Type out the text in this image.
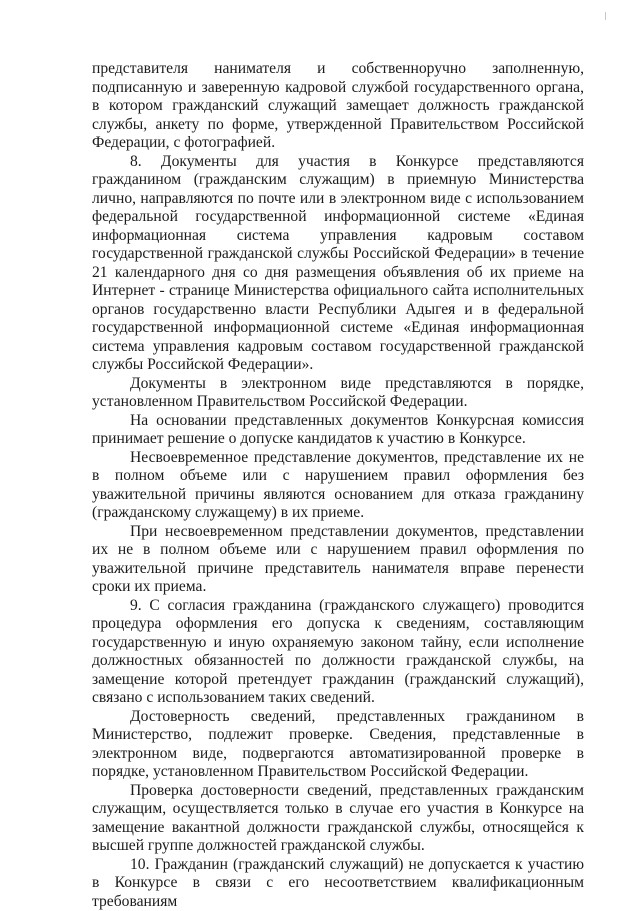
представителя нанимателя и собственноручно заполненную, подписанную и заверенную кадровой службой государственного органа, в котором гражданский служащий замещает должность гражданской службы, анкету по форме, утвержденной Правительством Российской Федерации, с фотографией.

8. Документы для участия в Конкурсе представляются гражданином (гражданским служащим) в приемную Министерства лично, направляются по почте или в электронном виде с использованием федеральной государственной информационной системе «Единая информационная система управления кадровым составом государственной гражданской службы Российской Федерации» в течение 21 календарного дня со дня размещения объявления об их приеме на Интернет - странице Министерства официального сайта исполнительных органов государственно власти Республики Адыгея и в федеральной государственной информационной системе «Единая информационная система управления кадровым составом государственной гражданской службы Российской Федерации».

Документы в электронном виде представляются в порядке, установленном Правительством Российской Федерации.

На основании представленных документов Конкурсная комиссия принимает решение о допуске кандидатов к участию в Конкурсе.

Несвоевременное представление документов, представление их не в полном объеме или с нарушением правил оформления без уважительной причины являются основанием для отказа гражданину (гражданскому служащему) в их приеме.

При несвоевременном представлении документов, представлении их не в полном объеме или с нарушением правил оформления по уважительной причине представитель нанимателя вправе перенести сроки их приема.

9. С согласия гражданина (гражданского служащего) проводится процедура оформления его допуска к сведениям, составляющим государственную и иную охраняемую законом тайну, если исполнение должностных обязанностей по должности гражданской службы, на замещение которой претендует гражданин (гражданский служащий), связано с использованием таких сведений.

Достоверность сведений, представленных гражданином в Министерство, подлежит проверке. Сведения, представленные в электронном виде, подвергаются автоматизированной проверке в порядке, установленном Правительством Российской Федерации.

Проверка достоверности сведений, представленных гражданским служащим, осуществляется только в случае его участия в Конкурсе на замещение вакантной должности гражданской службы, относящейся к высшей группе должностей гражданской службы.

10. Гражданин (гражданский служащий) не допускается к участию в Конкурсе в связи с его несоответствием квалификационным требованиям
